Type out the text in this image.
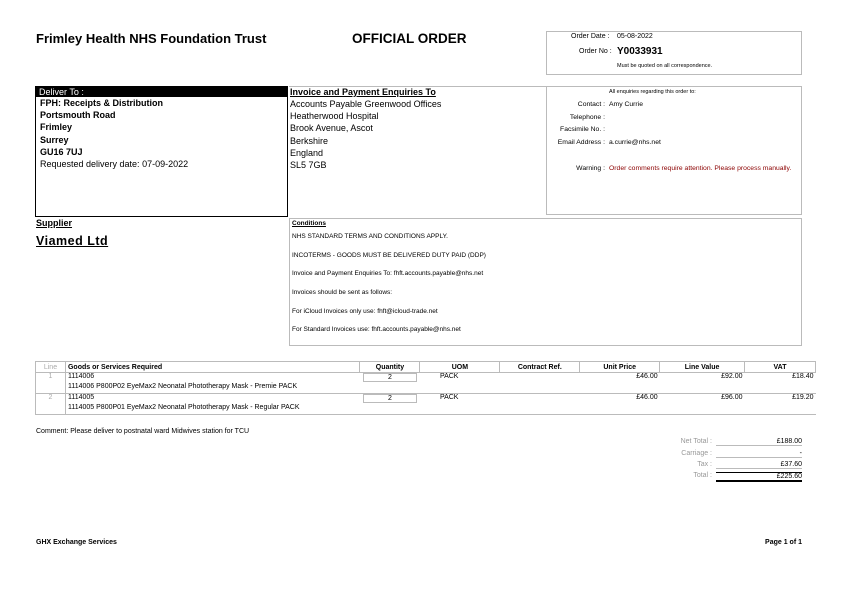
Frimley Health NHS Foundation Trust	OFFICIAL ORDER	Order Date : 05-08-2022
Order No : Y0033931
Must be quoted on all correspondence.
Deliver To :
FPH: Receipts & Distribution
Portsmouth Road
Frimley
Surrey
GU16 7UJ
Requested delivery date: 07-09-2022
Invoice and Payment Enquiries To
Accounts Payable Greenwood Offices
Heatherwood Hospital
Brook Avenue, Ascot
Berkshire
England
SL5 7GB
All enquiries regarding this order to:
Contact : Amy Currie
Telephone :
Facsimile No. :
Email Address : a.currie@nhs.net
Warning : Order comments require attention. Please process manually.
Supplier
Viamed Ltd
Conditions
NHS STANDARD TERMS AND CONDITIONS APPLY.
INCOTERMS - GOODS MUST BE DELIVERED DUTY PAID (DDP)
Invoice and Payment Enquiries To: fhft.accounts.payable@nhs.net
Invoices should be sent as follows:
For iCloud Invoices only use: fhft@icloud-trade.net
For Standard Invoices use: fhft.accounts.payable@nhs.net
Line	Goods or Services Required	Quantity	UOM	Contract Ref.	Unit Price	Line Value	VAT
1	1114006	2	PACK		£46.00	£92.00	£18.40
	1114006 P800P02 EyeMax2 Neonatal Phototherapy Mask - Premie PACK						
2	1114005	2	PACK		£46.00	£96.00	£19.20
	1114005 P800P01 EyeMax2 Neonatal Phototherapy Mask - Regular PACK						
Comment: Please deliver to postnatal ward Midwives station for TCU
Net Total :	£188.00
Carriage :	-
Tax :	£37.60
Total :	£225.60
GHX Exchange Services	Page 1 of 1
